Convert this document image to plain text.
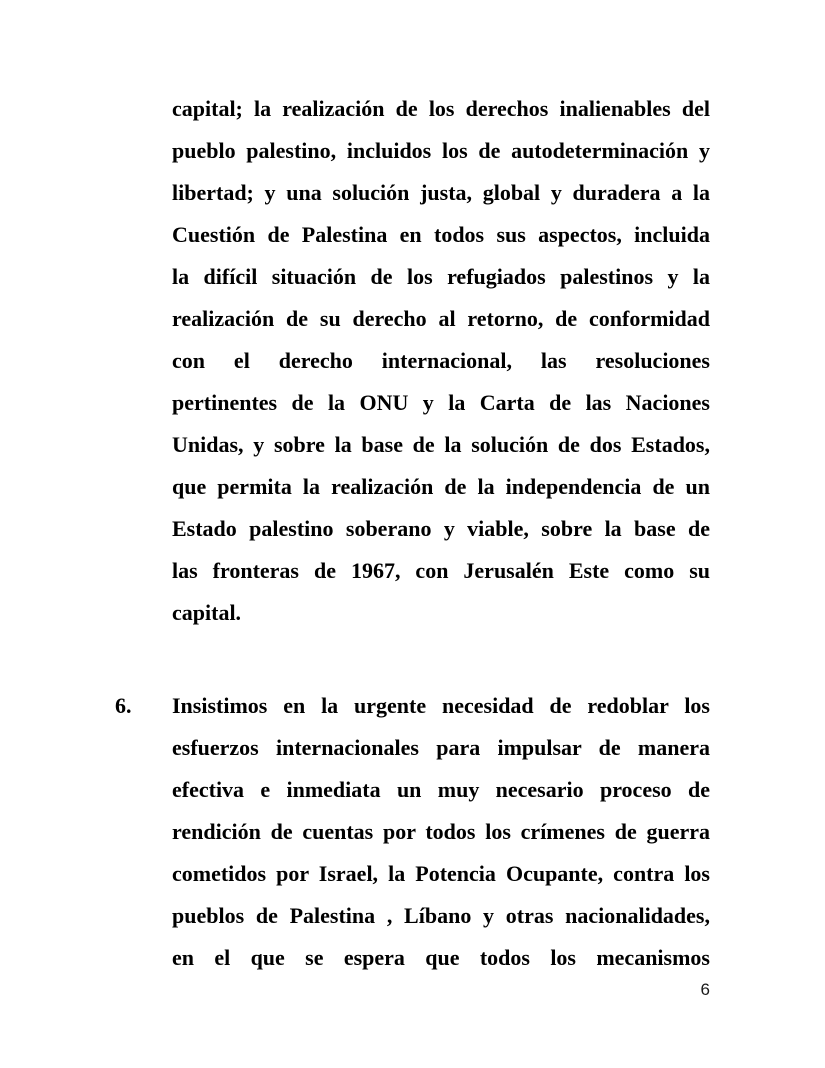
capital; la realización de los derechos inalienables del
pueblo palestino, incluidos los de autodeterminación y
libertad; y una solución justa, global y duradera a la
Cuestión de Palestina en todos sus aspectos, incluida
la difícil situación de los refugiados palestinos y la
realización de su derecho al retorno, de conformidad
con el derecho internacional, las resoluciones
pertinentes de la ONU y la Carta de las Naciones
Unidas, y sobre la base de la solución de dos Estados,
que permita la realización de la independencia de un
Estado palestino soberano y viable, sobre la base de
las fronteras de 1967, con Jerusalén Este como su
capital.
6.	Insistimos en la urgente necesidad de redoblar los
esfuerzos internacionales para impulsar de manera
efectiva e inmediata un muy necesario proceso de
rendición de cuentas por todos los crímenes de guerra
cometidos por Israel, la Potencia Ocupante, contra los
pueblos de Palestina , Líbano y otras nacionalidades,
en el que se espera que todos los mecanismos
6
